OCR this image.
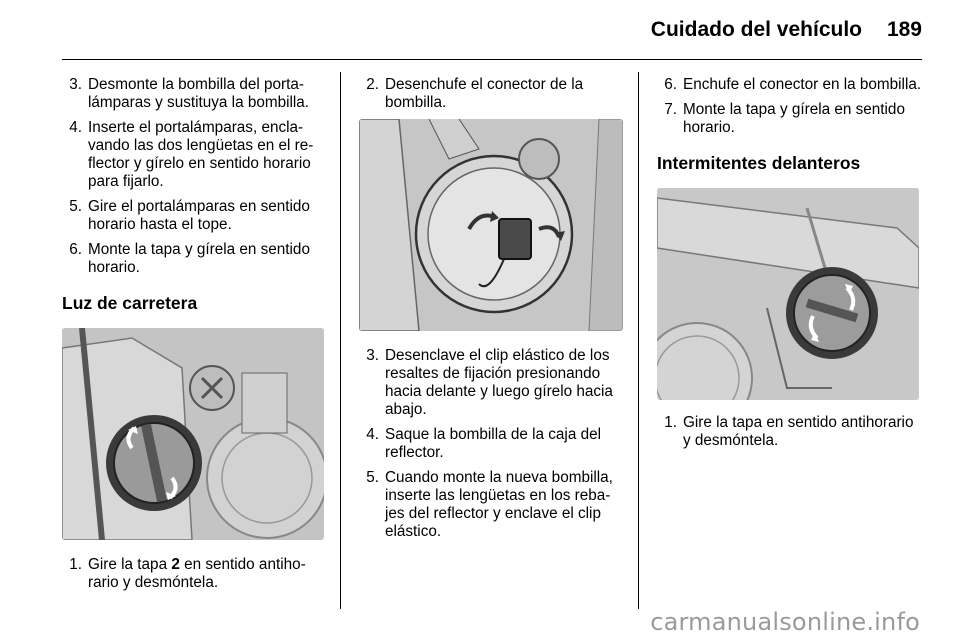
Cuidado del vehículo 189
3. Desmonte la bombilla del portalámparas y sustituya la bombilla.
4. Inserte el portalámparas, enclavando las dos lengüetas en el reflector y gírelo en sentido horario para fijarlo.
5. Gire el portalámparas en sentido horario hasta el tope.
6. Monte la tapa y gírela en sentido horario.
Luz de carretera
1. Gire la tapa 2 en sentido antihorario y desmóntela.
2. Desenchufe el conector de la bombilla.
3. Desenclave el clip elástico de los resaltes de fijación presionando hacia delante y luego gírelo hacia abajo.
4. Saque la bombilla de la caja del reflector.
5. Cuando monte la nueva bombilla, inserte las lengüetas en los rebajes del reflector y enclave el clip elástico.
6. Enchufe el conector en la bombilla.
7. Monte la tapa y gírela en sentido horario.
Intermitentes delanteros
1. Gire la tapa en sentido antihorario y desmóntela.
carmanualsonline.info
